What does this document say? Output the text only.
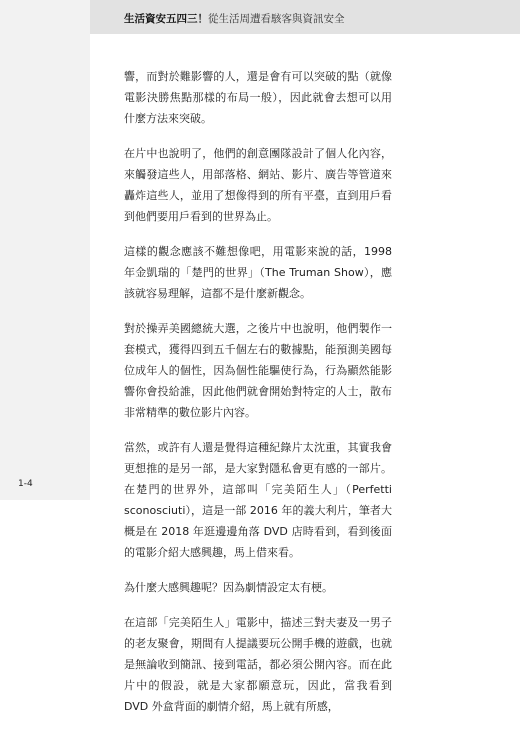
生活資安五四三！從生活周遭看駭客與資訊安全

響，而對於難影響的人，還是會有可以突破的點（就像電影決勝焦點那樣的布局一般），因此就會去想可以用什麼方法來突破。

在片中也說明了，他們的創意團隊設計了個人化內容，來觸發這些人，用部落格、網站、影片、廣告等管道來轟炸這些人，並用了想像得到的所有平臺，直到用戶看到他們要用戶看到的世界為止。

這樣的觀念應該不難想像吧，用電影來說的話，1998 年金凱瑞的「楚門的世界」（The Truman Show），應該就容易理解，這都不是什麼新觀念。

對於操弄美國總統大選，之後片中也說明，他們製作一套模式，獲得四到五千個左右的數據點，能預測美國每位成年人的個性，因為個性能驅使行為，行為顯然能影響你會投給誰，因此他們就會開始對特定的人士，散布非常精準的數位影片內容。

當然，或許有人還是覺得這種紀錄片太沈重，其實我會更想推的是另一部，是大家對隱私會更有感的一部片。在楚門的世界外，這部叫「完美陌生人」（Perfetti sconosciuti），這是一部 2016 年的義大利片，筆者大概是在 2018 年逛邊邊角落 DVD 店時看到，看到後面的電影介紹大感興趣，馬上借來看。

為什麼大感興趣呢？因為劇情設定太有梗。

在這部「完美陌生人」電影中，描述三對夫妻及一男子的老友聚會，期間有人提議要玩公開手機的遊戲，也就是無論收到簡訊、接到電話，都必須公開內容。而在此片中的假設，就是大家都願意玩，因此，當我看到 DVD 外盒背面的劇情介紹，馬上就有所感，

1-4
